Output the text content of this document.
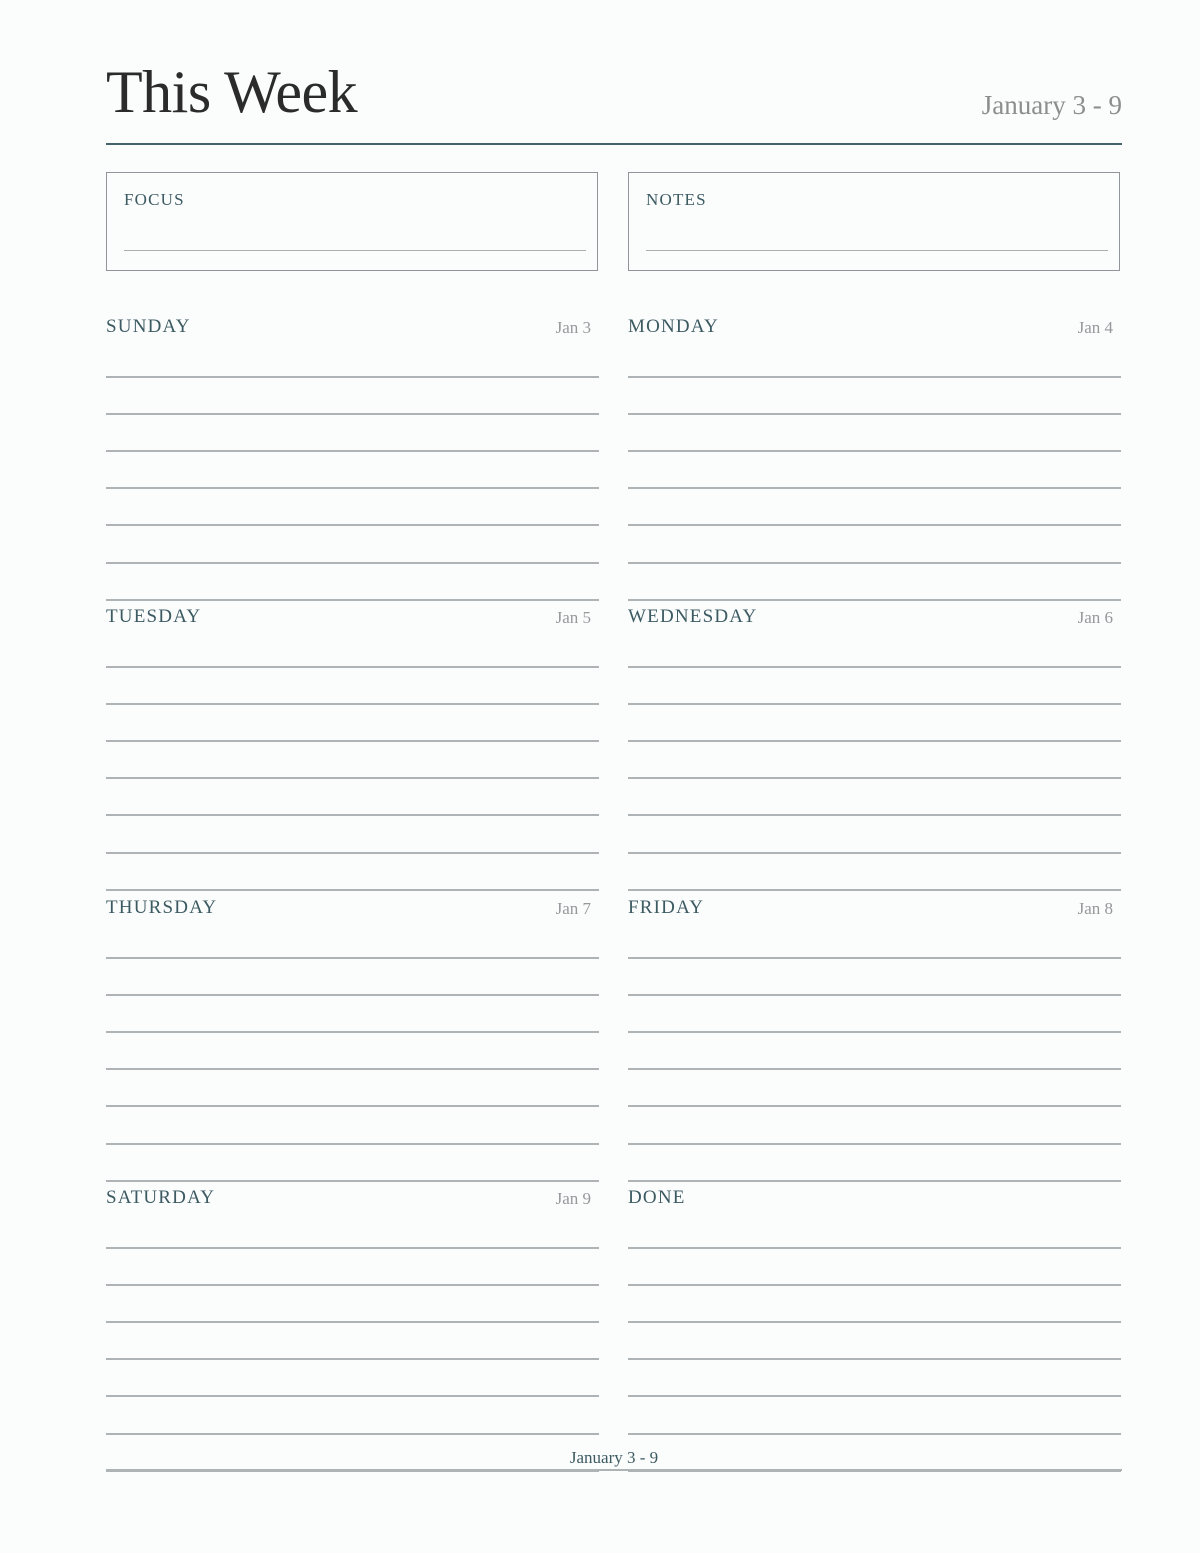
This Week	January 3 - 9
FOCUS	NOTES
SUNDAY	Jan 3 MONDAY	Jan 4
TUESDAY	Jan 5 WEDNESDAY	Jan 6
THURSDAY	Jan 7 FRIDAY	Jan 8
SATURDAY	Jan 9 DONE
January 3 - 9
